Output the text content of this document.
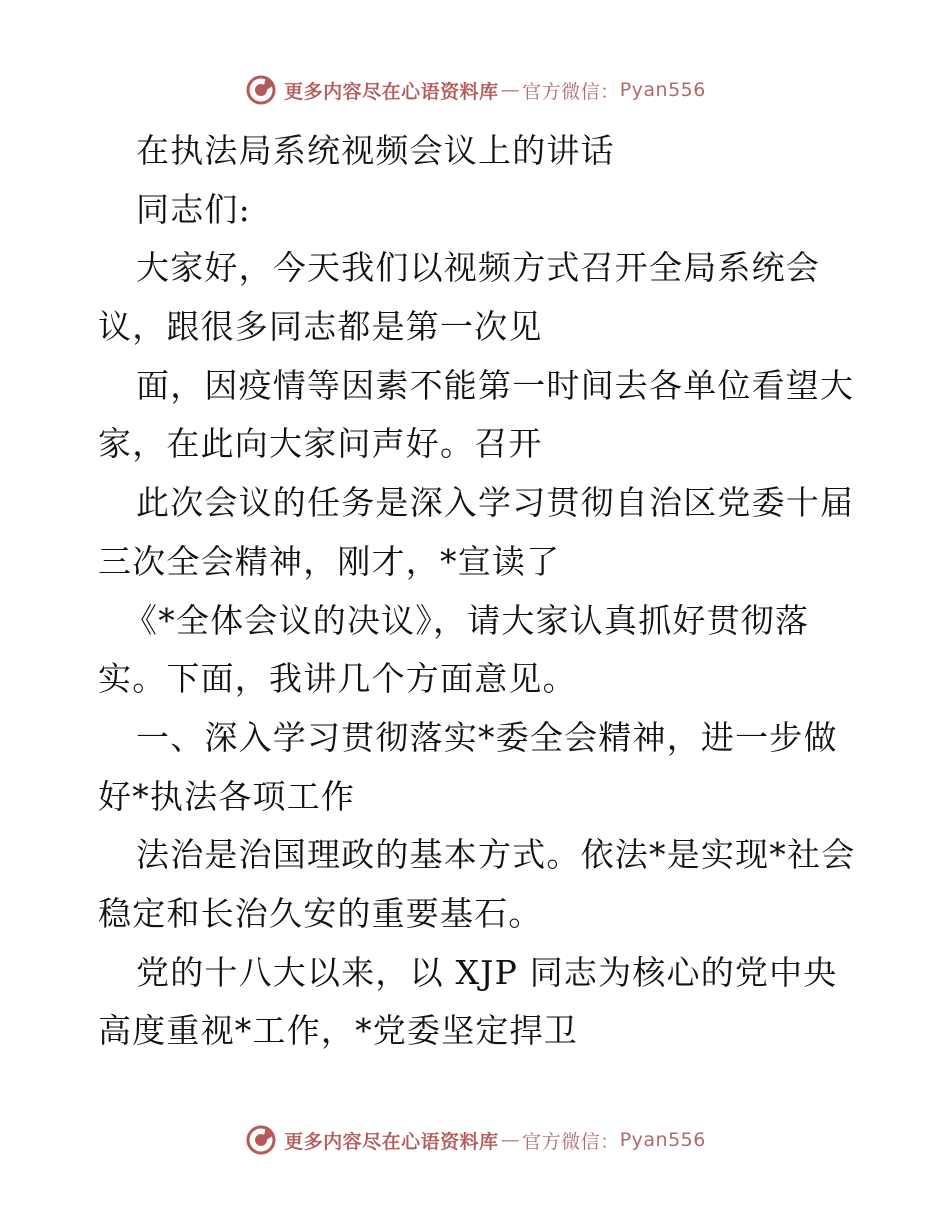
更多内容尽在心语资料库 — 官方微信： Pyan556
在执法局系统视频会议上的讲话
同志们:
大家好，今天我们以视频方式召开全局系统会
议，跟很多同志都是第一次见
面，因疫情等因素不能第一时间去各单位看望大
家，在此向大家问声好。召开
此次会议的任务是深入学习贯彻自治区党委十届
三次全会精神，刚才，*宣读了
《*全体会议的决议》，请大家认真抓好贯彻落
实。下面，我讲几个方面意见。
一、深入学习贯彻落实*委全会精神，进一步做
好*执法各项工作
法治是治国理政的基本方式。依法*是实现*社会
稳定和长治久安的重要基石。
党的十八大以来，以 XJP 同志为核心的党中央
高度重视*工作，*党委坚定捍卫
更多内容尽在心语资料库 — 官方微信： Pyan556
